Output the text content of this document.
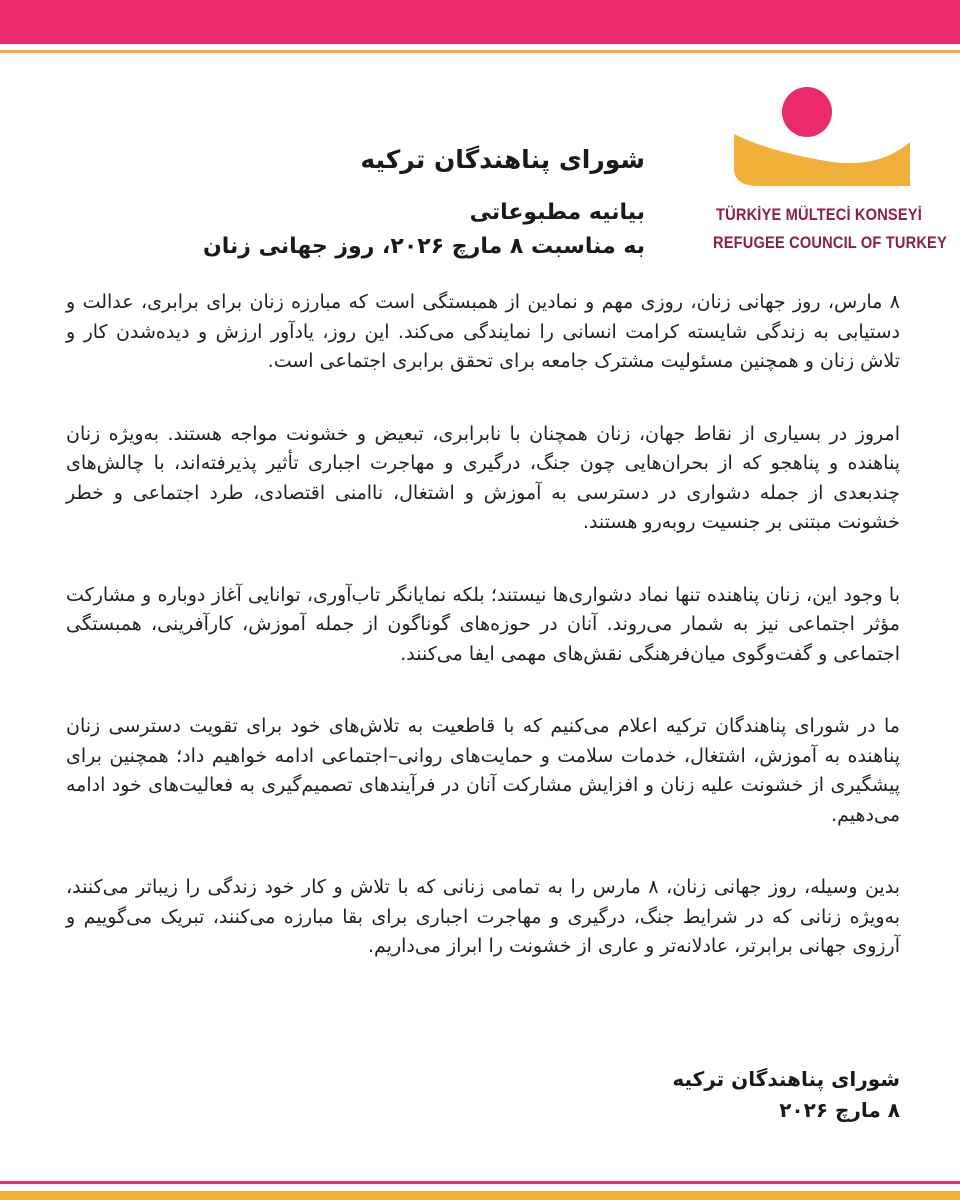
TÜRKİYE MÜLTECİ KONSEYİ
REFUGEE COUNCIL OF TURKEY
شورای پناهندگان ترکیه
بیانیه مطبوعاتی
به مناسبت ۸ مارچ ۲۰۲۶، روز جهانی زنان

۸ مارس، روز جهانی زنان، روزی مهم و نمادین از همبستگی است که مبارزه زنان برای برابری، عدالت و دستیابی به زندگی شایسته کرامت انسانی را نمایندگی می‌کند. این روز، یادآور ارزش و دیده‌شدن کار و تلاش زنان و همچنین مسئولیت مشترک جامعه برای تحقق برابری اجتماعی است.

امروز در بسیاری از نقاط جهان، زنان همچنان با نابرابری، تبعیض و خشونت مواجه هستند. به‌ویژه زنان پناهنده و پناهجو که از بحران‌هایی چون جنگ، درگیری و مهاجرت اجباری تأثیر پذیرفته‌اند، با چالش‌های چندبعدی از جمله دشواری در دسترسی به آموزش و اشتغال، ناامنی اقتصادی، طرد اجتماعی و خطر خشونت مبتنی بر جنسیت روبه‌رو هستند.

با وجود این، زنان پناهنده تنها نماد دشواری‌ها نیستند؛ بلکه نمایانگر تاب‌آوری، توانایی آغاز دوباره و مشارکت مؤثر اجتماعی نیز به شمار می‌روند. آنان در حوزه‌های گوناگون از جمله آموزش، کارآفرینی، همبستگی اجتماعی و گفت‌وگوی میان‌فرهنگی نقش‌های مهمی ایفا می‌کنند.

ما در شورای پناهندگان ترکیه اعلام می‌کنیم که با قاطعیت به تلاش‌های خود برای تقویت دسترسی زنان پناهنده به آموزش، اشتغال، خدمات سلامت و حمایت‌های روانی–اجتماعی ادامه خواهیم داد؛ همچنین برای پیشگیری از خشونت علیه زنان و افزایش مشارکت آنان در فرآیندهای تصمیم‌گیری به فعالیت‌های خود ادامه می‌دهیم.

بدین وسیله، روز جهانی زنان، ۸ مارس را به تمامی زنانی که با تلاش و کار خود زندگی را زیباتر می‌کنند، به‌ویژه زنانی که در شرایط جنگ، درگیری و مهاجرت اجباری برای بقا مبارزه می‌کنند، تبریک می‌گوییم و آرزوی جهانی برابرتر، عادلانه‌تر و عاری از خشونت را ابراز می‌داریم.

شورای پناهندگان ترکیه
۸ مارچ ۲۰۲۶
